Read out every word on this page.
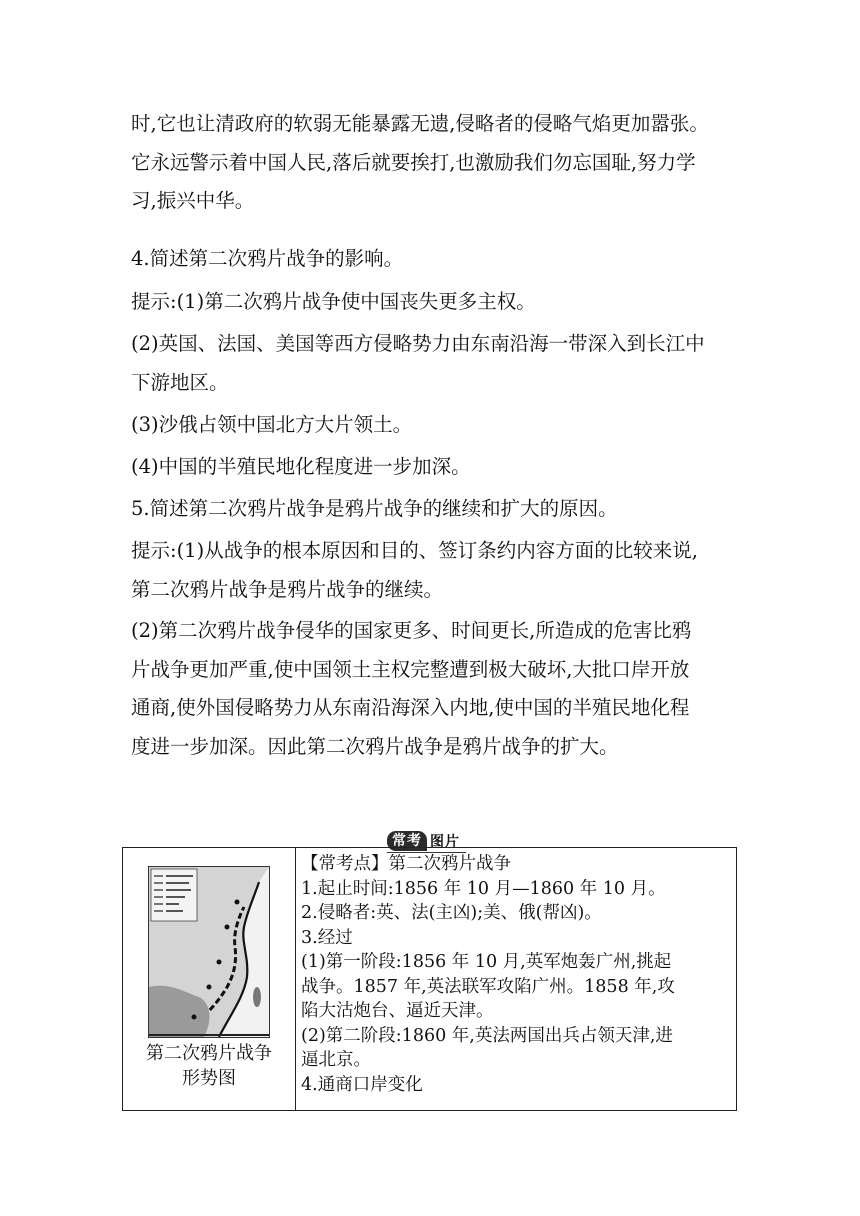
时,它也让清政府的软弱无能暴露无遗,侵略者的侵略气焰更加嚣张。
它永远警示着中国人民,落后就要挨打,也激励我们勿忘国耻,努力学
习,振兴中华。
4.简述第二次鸦片战争的影响。
提示:(1)第二次鸦片战争使中国丧失更多主权。
(2)英国、法国、美国等西方侵略势力由东南沿海一带深入到长江中
下游地区。
(3)沙俄占领中国北方大片领土。
(4)中国的半殖民地化程度进一步加深。
5.简述第二次鸦片战争是鸦片战争的继续和扩大的原因。
提示:(1)从战争的根本原因和目的、签订条约内容方面的比较来说,
第二次鸦片战争是鸦片战争的继续。
(2)第二次鸦片战争侵华的国家更多、时间更长,所造成的危害比鸦
片战争更加严重,使中国领土主权完整遭到极大破坏,大批口岸开放
通商,使外国侵略势力从东南沿海深入内地,使中国的半殖民地化程
度进一步加深。因此第二次鸦片战争是鸦片战争的扩大。
常考 图片
第二次鸦片战争
形势图
【常考点】第二次鸦片战争
1.起止时间:1856 年 10 月—1860 年 10 月。
2.侵略者:英、法(主凶);美、俄(帮凶)。
3.经过
(1)第一阶段:1856 年 10 月,英军炮轰广州,挑起
战争。1857 年,英法联军攻陷广州。1858 年,攻
陷大沽炮台、逼近天津。
(2)第二阶段:1860 年,英法两国出兵占领天津,进
逼北京。
4.通商口岸变化
